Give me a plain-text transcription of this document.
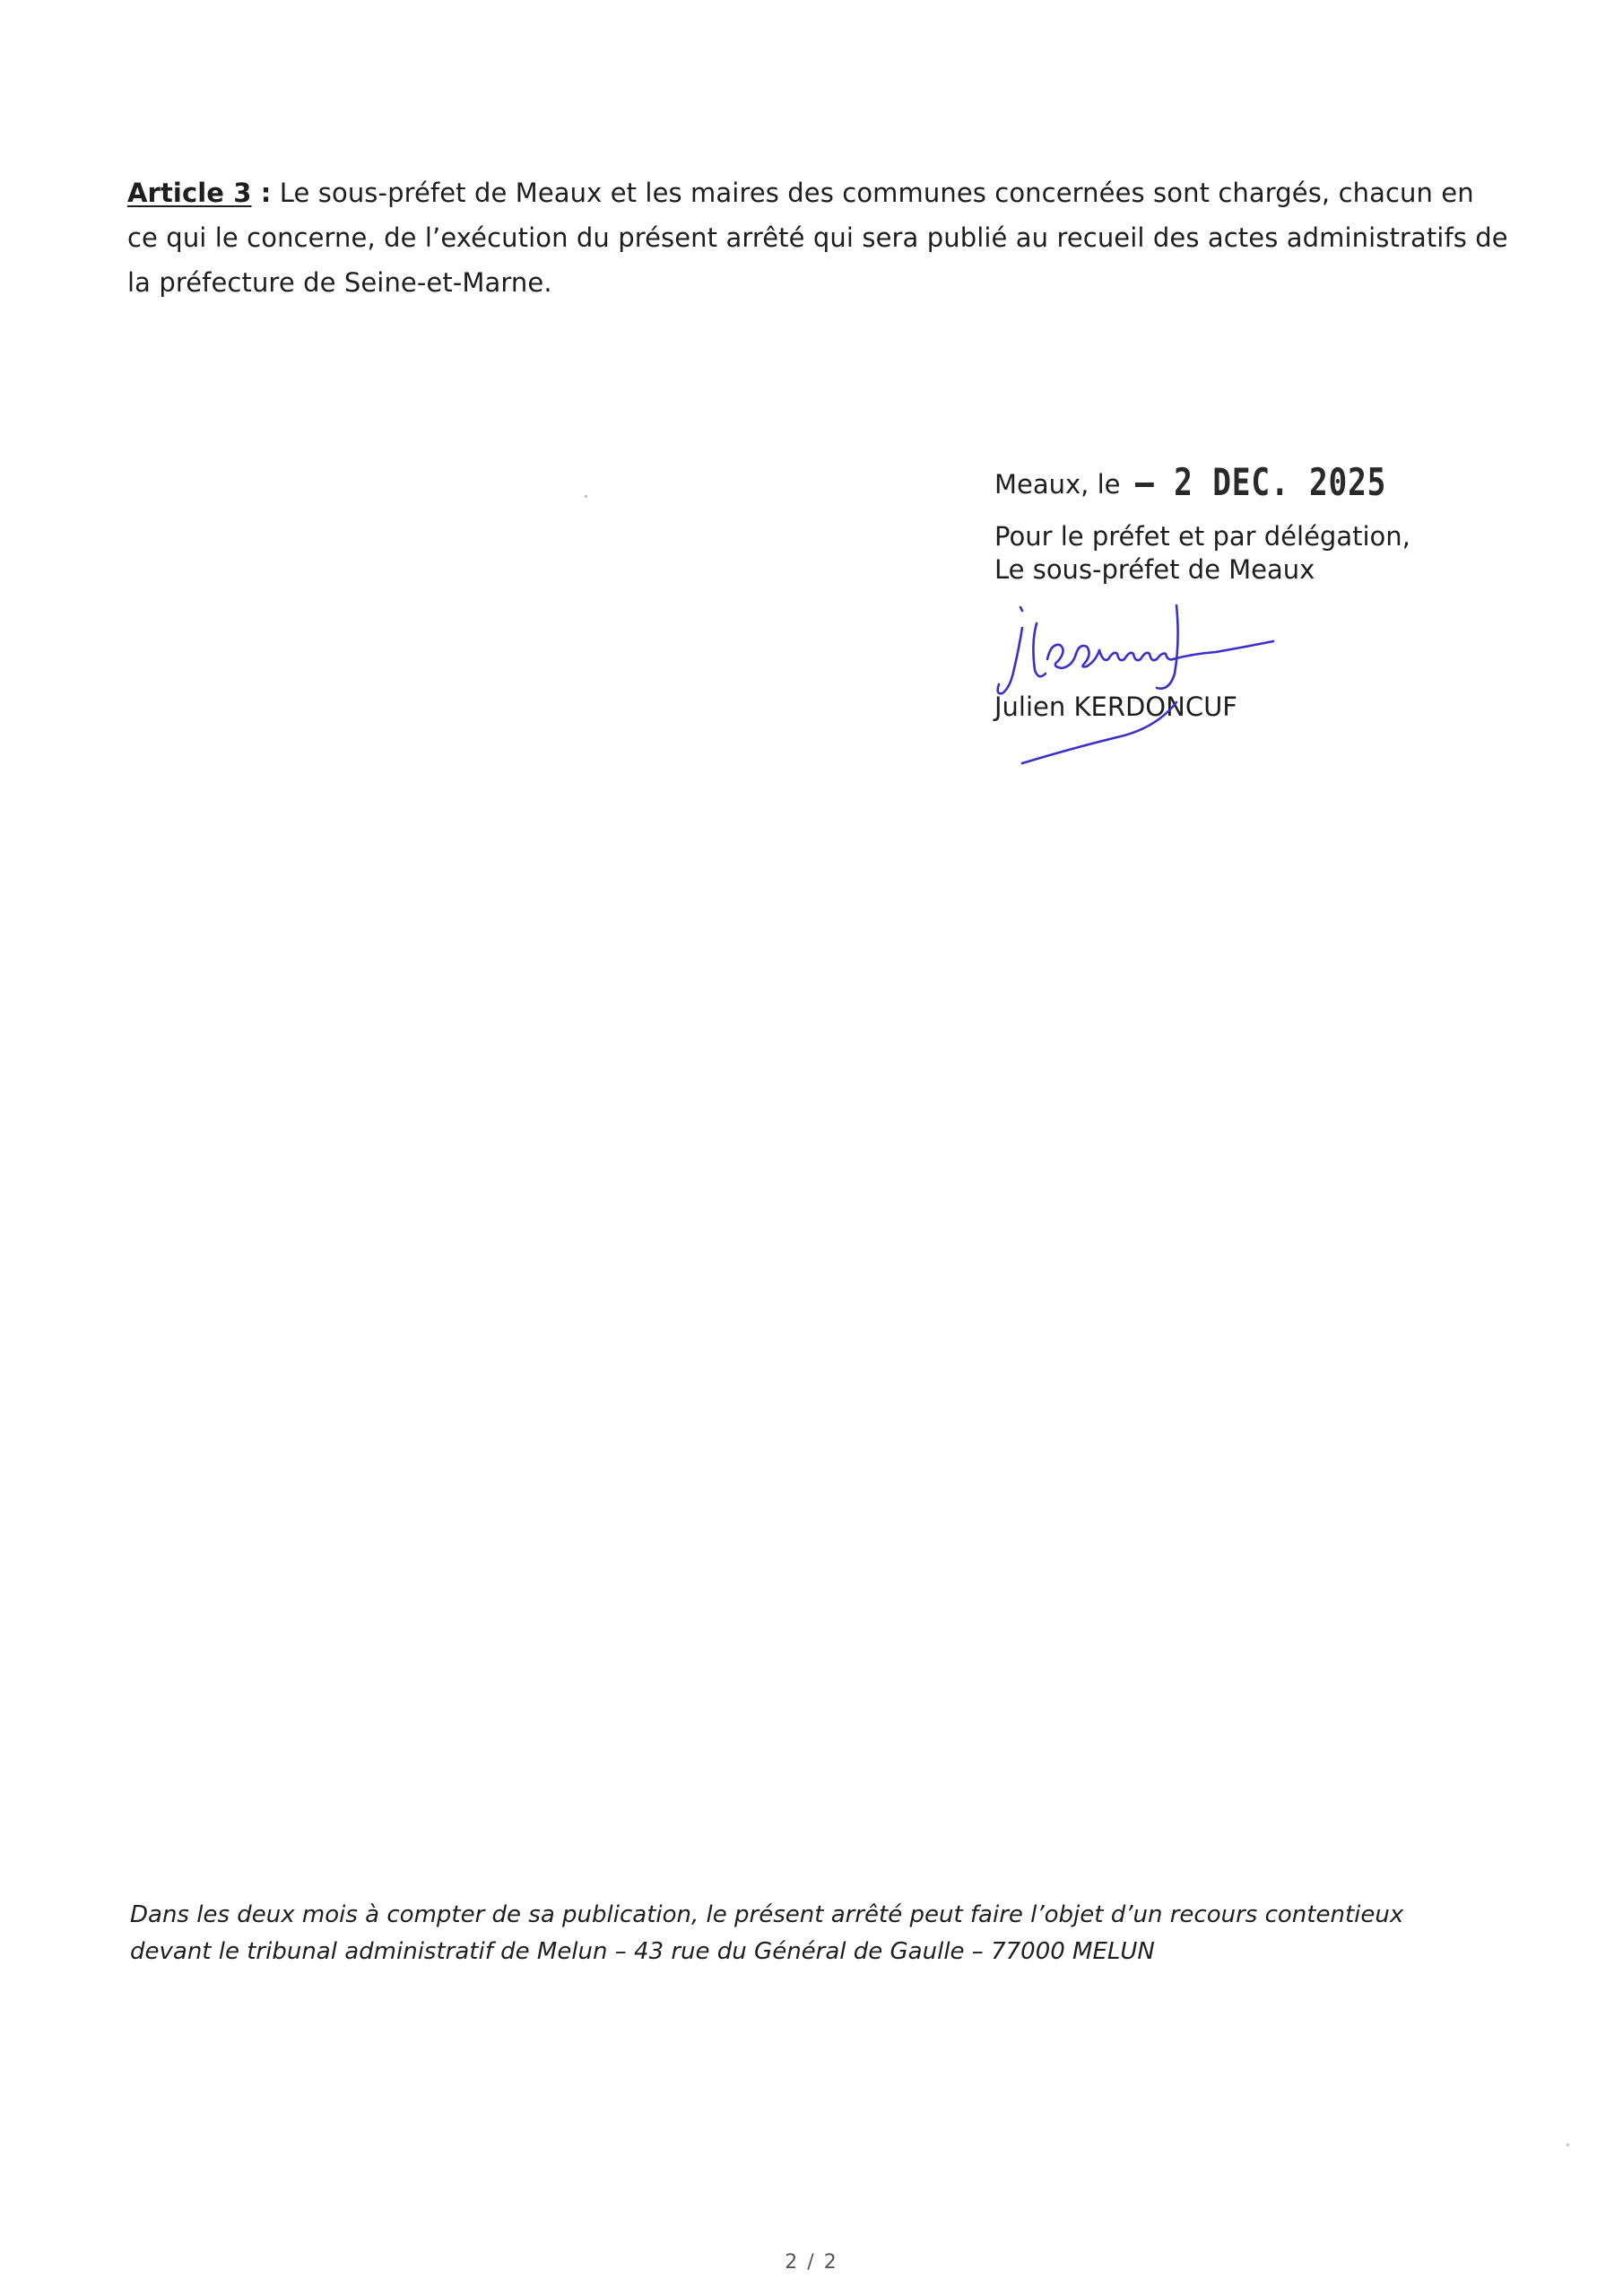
Article 3 : Le sous-préfet de Meaux et les maires des communes concernées sont chargés, chacun en ce qui le concerne, de l’exécution du présent arrêté qui sera publié au recueil des actes administratifs de la préfecture de Seine-et-Marne.

Meaux, le – 2 DEC. 2025
Pour le préfet et par délégation,
Le sous-préfet de Meaux
Julien KERDONCUF
Dans les deux mois à compter de sa publication, le présent arrêté peut faire l’objet d’un recours contentieux
devant le tribunal administratif de Melun – 43 rue du Général de Gaulle – 77000 MELUN
2 / 2
